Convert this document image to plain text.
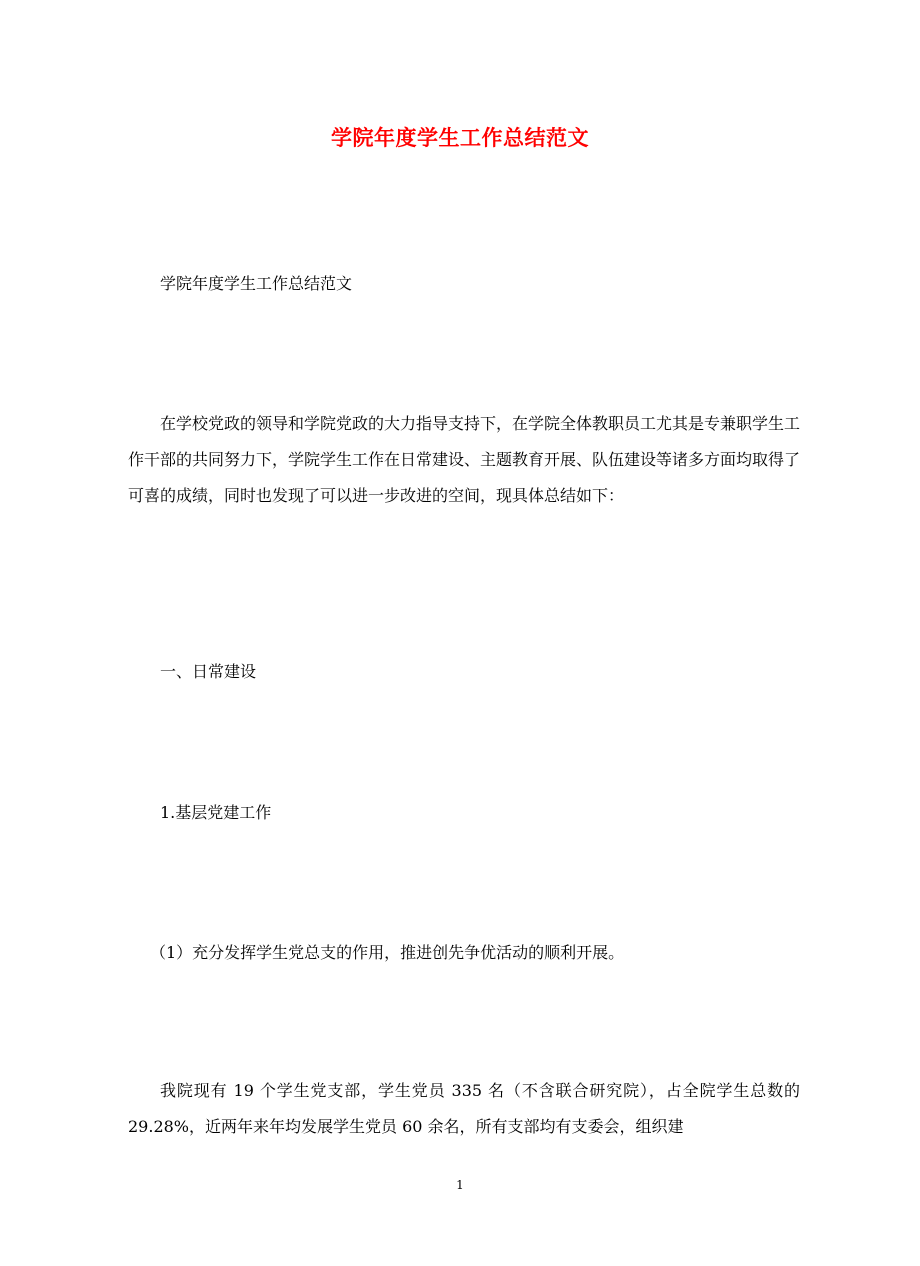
学院年度学生工作总结范文

学院年度学生工作总结范文

在学校党政的领导和学院党政的大力指导支持下，在学院全体教职员工尤其是专兼职学生工作干部的共同努力下，学院学生工作在日常建设、主题教育开展、队伍建设等诸多方面均取得了可喜的成绩，同时也发现了可以进一步改进的空间，现具体总结如下：

一、日常建设

1.基层党建工作

（1）充分发挥学生党总支的作用，推进创先争优活动的顺利开展。

我院现有 19 个学生党支部，学生党员 335 名（不含联合研究院），占全院学生总数的 29.28%，近两年来年均发展学生党员 60 余名，所有支部均有支委会，组织建

1
